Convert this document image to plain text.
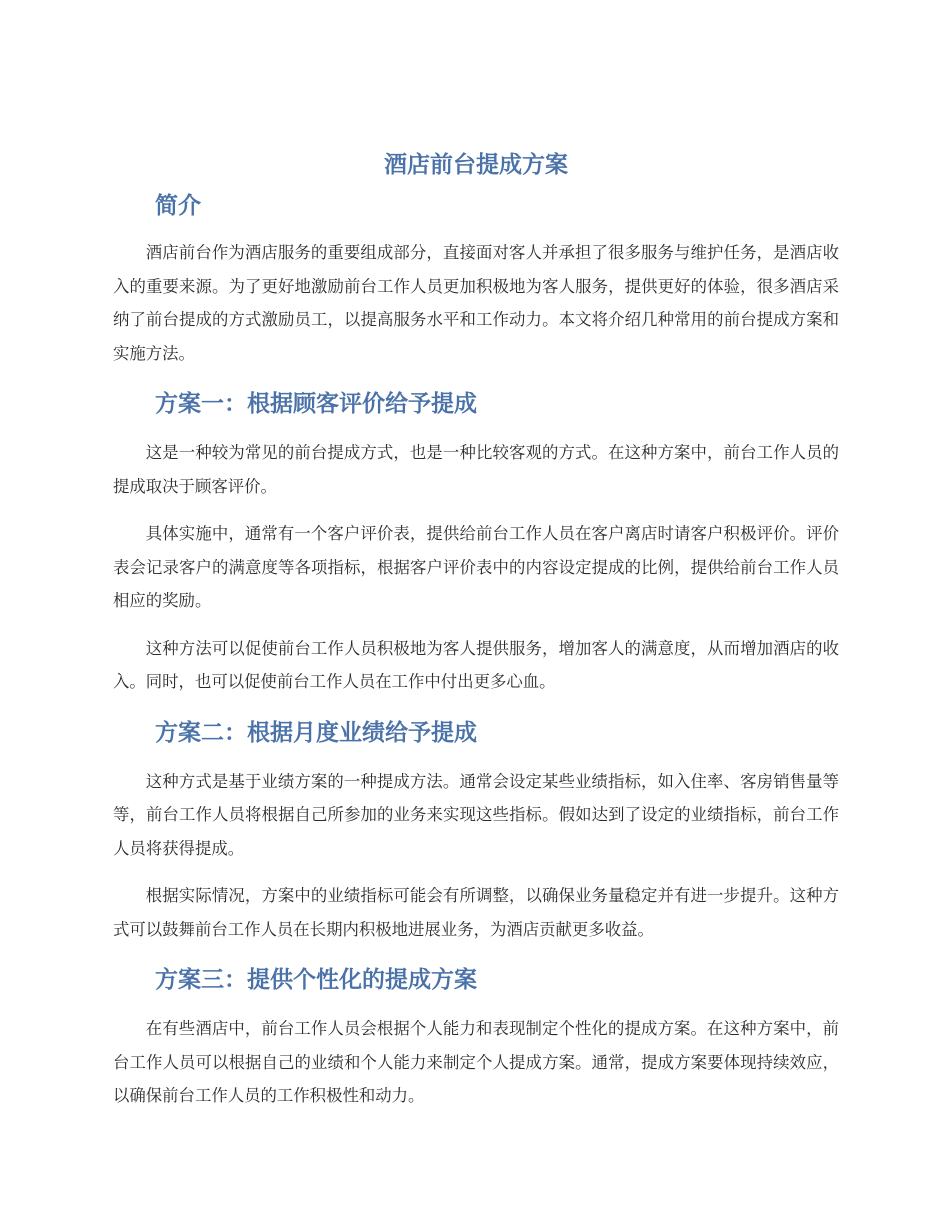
酒店前台提成方案
简介

酒店前台作为酒店服务的重要组成部分，直接面对客人并承担了很多服务与维护任务，是酒店收入的重要来源。为了更好地激励前台工作人员更加积极地为客人服务，提供更好的体验，很多酒店采纳了前台提成的方式激励员工，以提高服务水平和工作动力。本文将介绍几种常用的前台提成方案和实施方法。

方案一：根据顾客评价给予提成

这是一种较为常见的前台提成方式，也是一种比较客观的方式。在这种方案中，前台工作人员的提成取决于顾客评价。

具体实施中，通常有一个客户评价表，提供给前台工作人员在客户离店时请客户积极评价。评价表会记录客户的满意度等各项指标，根据客户评价表中的内容设定提成的比例，提供给前台工作人员相应的奖励。

这种方法可以促使前台工作人员积极地为客人提供服务，增加客人的满意度，从而增加酒店的收入。同时，也可以促使前台工作人员在工作中付出更多心血。

方案二：根据月度业绩给予提成

这种方式是基于业绩方案的一种提成方法。通常会设定某些业绩指标，如入住率、客房销售量等等，前台工作人员将根据自己所参加的业务来实现这些指标。假如达到了设定的业绩指标，前台工作人员将获得提成。

根据实际情况，方案中的业绩指标可能会有所调整，以确保业务量稳定并有进一步提升。这种方式可以鼓舞前台工作人员在长期内积极地进展业务，为酒店贡献更多收益。

方案三：提供个性化的提成方案

在有些酒店中，前台工作人员会根据个人能力和表现制定个性化的提成方案。在这种方案中，前台工作人员可以根据自己的业绩和个人能力来制定个人提成方案。通常，提成方案要体现持续效应，以确保前台工作人员的工作积极性和动力。
